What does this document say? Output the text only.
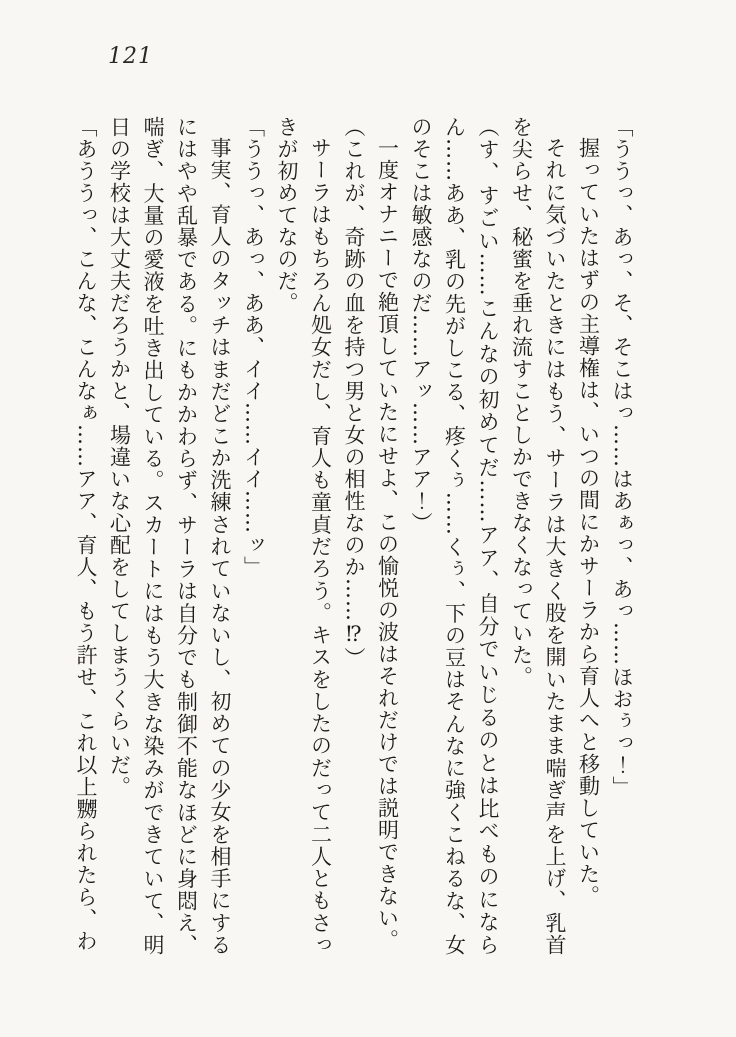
121

「ううっ、あっ、そ、そこはっ……はあぁっ、あっ……ほおぅっ！」

握っていたはずの主導権は、いつの間にかサーラから育人へと移動していた。

それに気づいたときにはもう、サーラは大きく股を開いたまま喘ぎ声を上げ、乳首を尖らせ、秘蜜を垂れ流すことしかできなくなっていた。

（す、すごい……こんなの初めてだ……アア、自分でいじるのとは比べものにならん……ああ、乳の先がしこる、疼くぅ……くぅ、下の豆はそんなに強くこねるな、女のそこは敏感なのだ……アッ……アア！）

一度オナニーで絶頂していたにせよ、この愉悦の波はそれだけでは説明できない。

（これが、奇跡の血を持つ男と女の相性なのか……⁉）

サーラはもちろん処女だし、育人も童貞だろう。キスをしたのだって二人ともさっきが初めてなのだ。

「ううっ、あっ、ああ、イイ……イイ……ッ」

事実、育人のタッチはまだどこか洗練されていないし、初めての少女を相手にするにはやや乱暴である。にもかかわらず、サーラは自分でも制御不能なほどに身悶え、喘ぎ、大量の愛液を吐き出している。スカートにはもう大きな染みができていて、明日の学校は大丈夫だろうかと、場違いな心配をしてしまうくらいだ。

「あううっ、こんな、こんなぁ……アア、育人、もう許せ、これ以上嬲られたら、わ
